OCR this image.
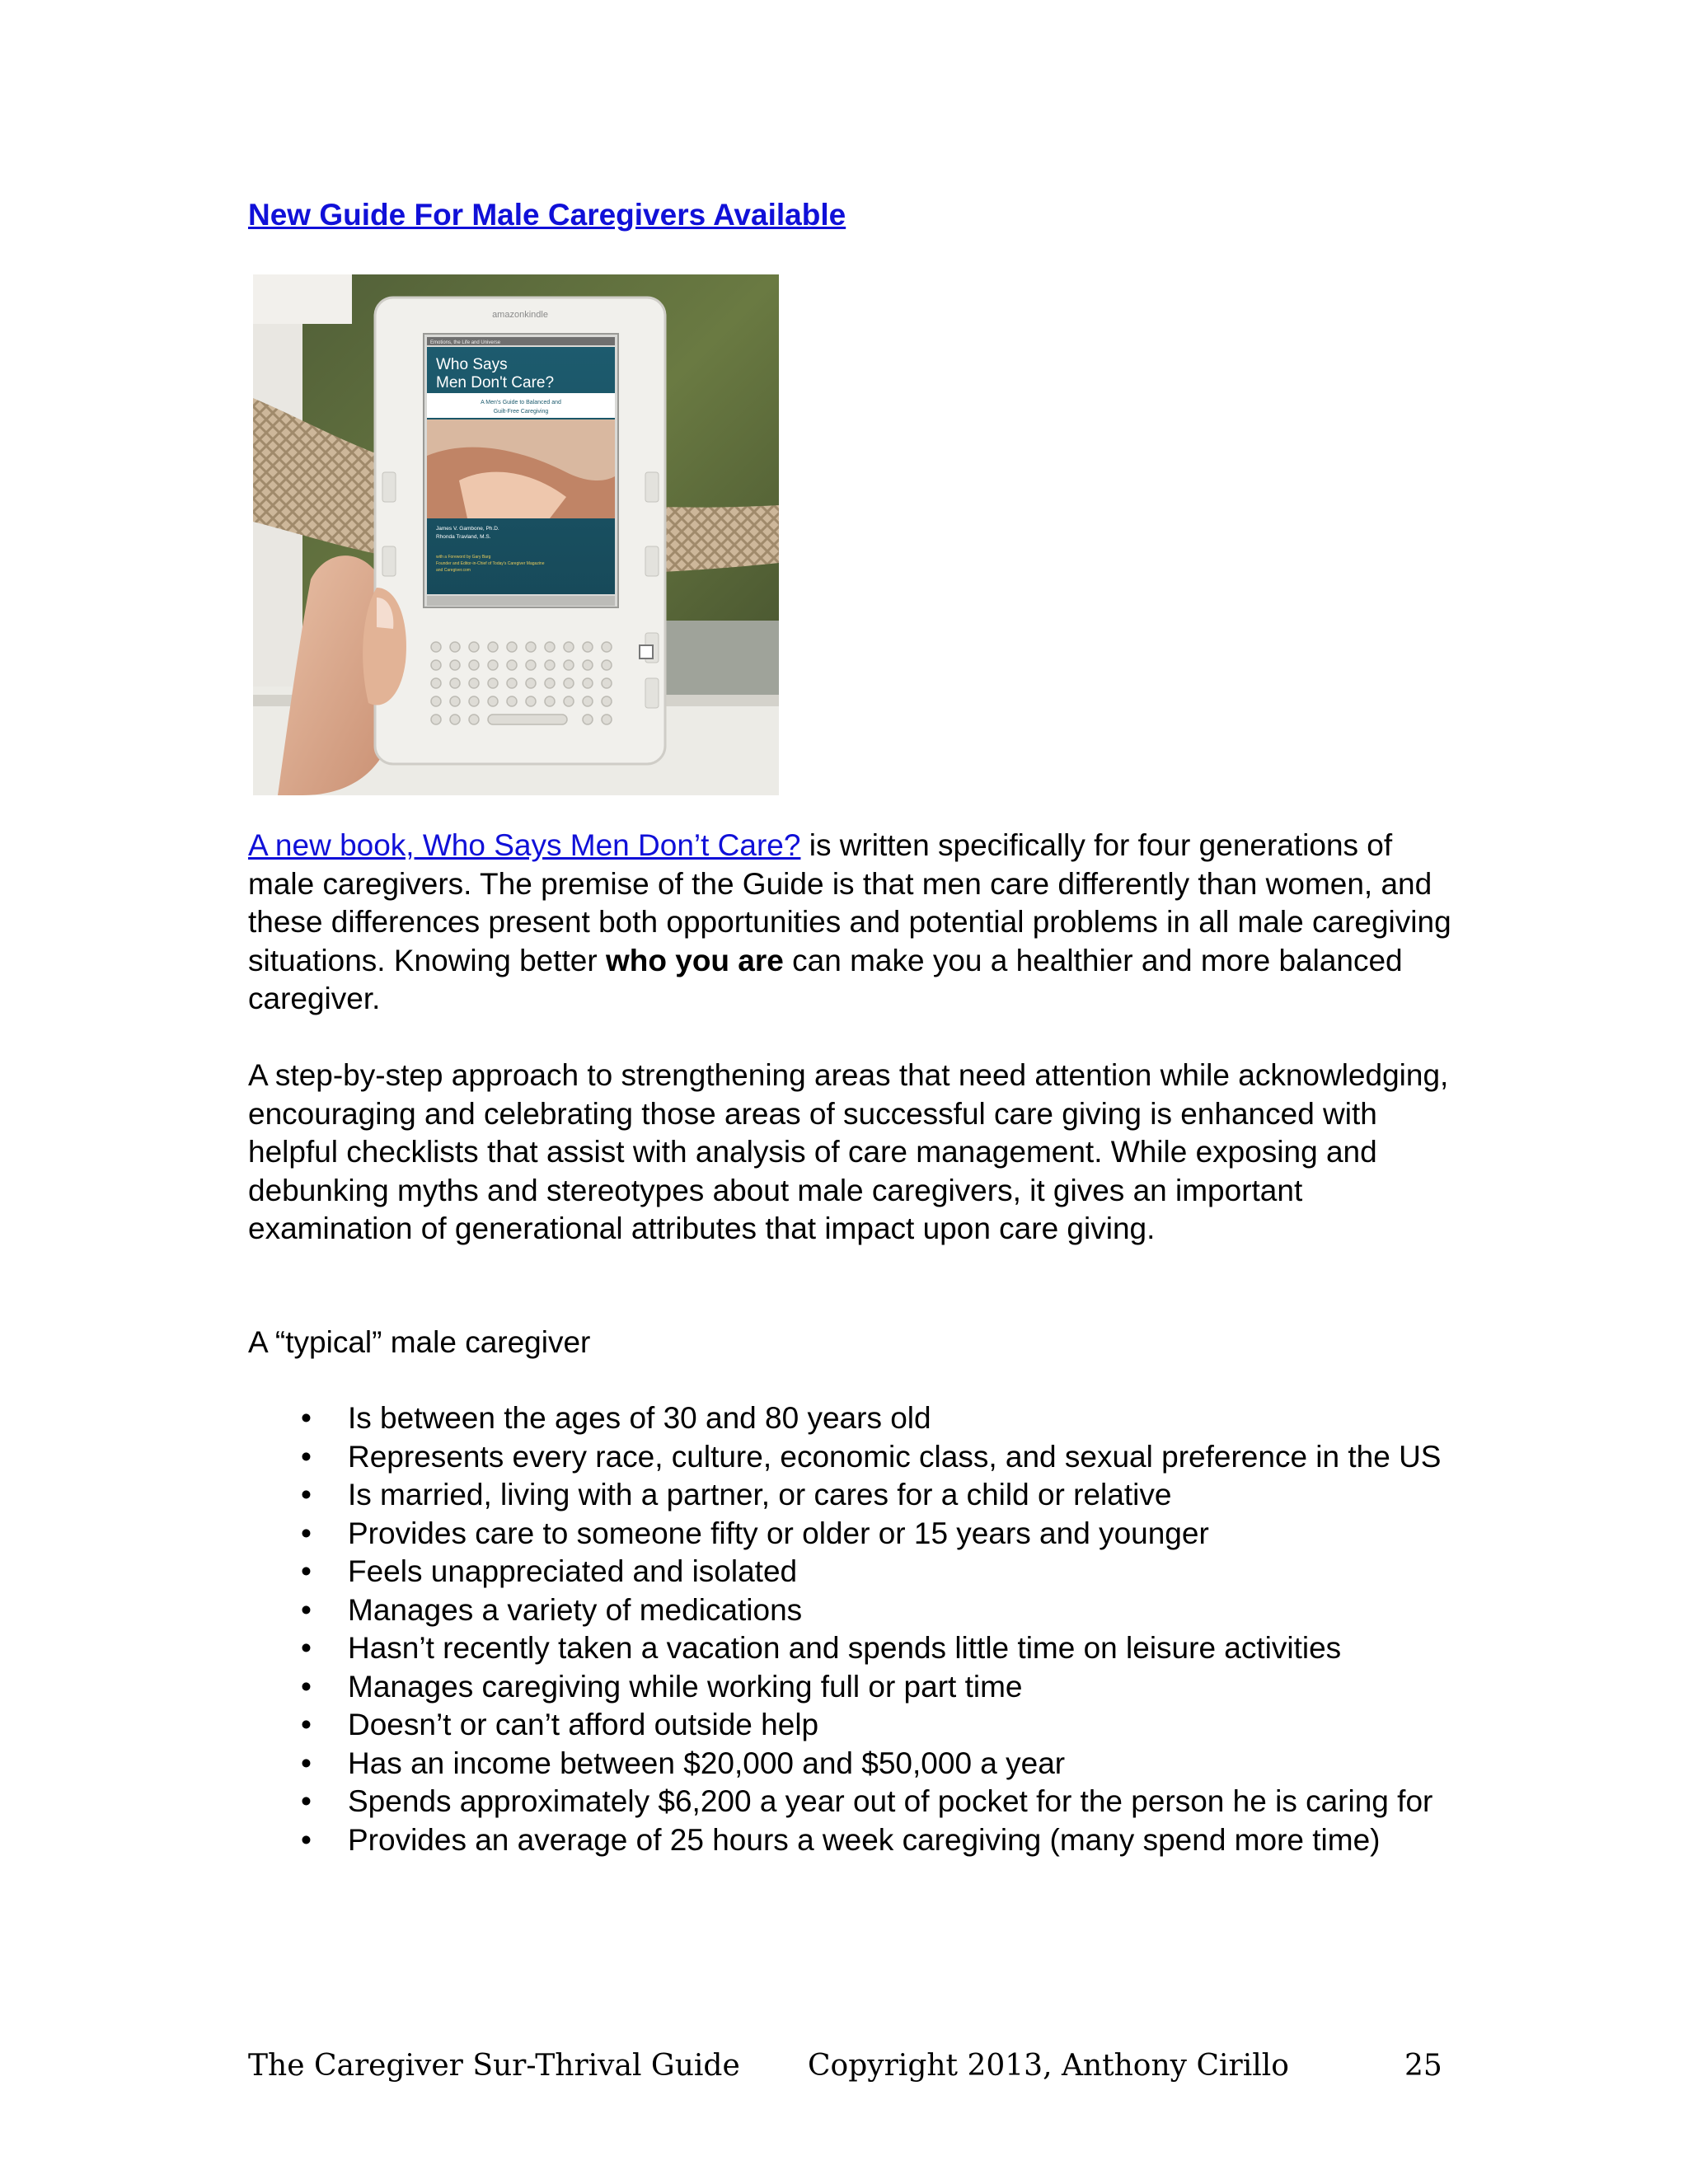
New Guide For Male Caregivers Available
amazonkindle
Emotions, the Life and Universe
Who Says
Men Don't Care?
A Men's Guide to Balanced and
Guilt-Free Caregiving
James V. Gambone, Ph.D.
Rhonda Travland, M.S.
with a Foreword by Gary Barg
Founder and Editor-in-Chief of Today's Caregiver Magazine
and Caregiver.com
A new book, Who Says Men Don’t Care? is written specifically for four generations of male caregivers. The premise of the Guide is that men care differently than women, and these differences present both opportunities and potential problems in all male caregiving situations. Knowing better who you are can make you a healthier and more balanced caregiver.
A step-by-step approach to strengthening areas that need attention while acknowledging, encouraging and celebrating those areas of successful care giving is enhanced with helpful checklists that assist with analysis of care management. While exposing and debunking myths and stereotypes about male caregivers, it gives an important examination of generational attributes that impact upon care giving.
A “typical” male caregiver
• Is between the ages of 30 and 80 years old
• Represents every race, culture, economic class, and sexual preference in the US
• Is married, living with a partner, or cares for a child or relative
• Provides care to someone fifty or older or 15 years and younger
• Feels unappreciated and isolated
• Manages a variety of medications
• Hasn’t recently taken a vacation and spends little time on leisure activities
• Manages caregiving while working full or part time
• Doesn’t or can’t afford outside help
• Has an income between $20,000 and $50,000 a year
• Spends approximately $6,200 a year out of pocket for the person he is caring for
• Provides an average of 25 hours a week caregiving (many spend more time)
The Caregiver Sur-Thrival Guide Copyright 2013, Anthony Cirillo	25
